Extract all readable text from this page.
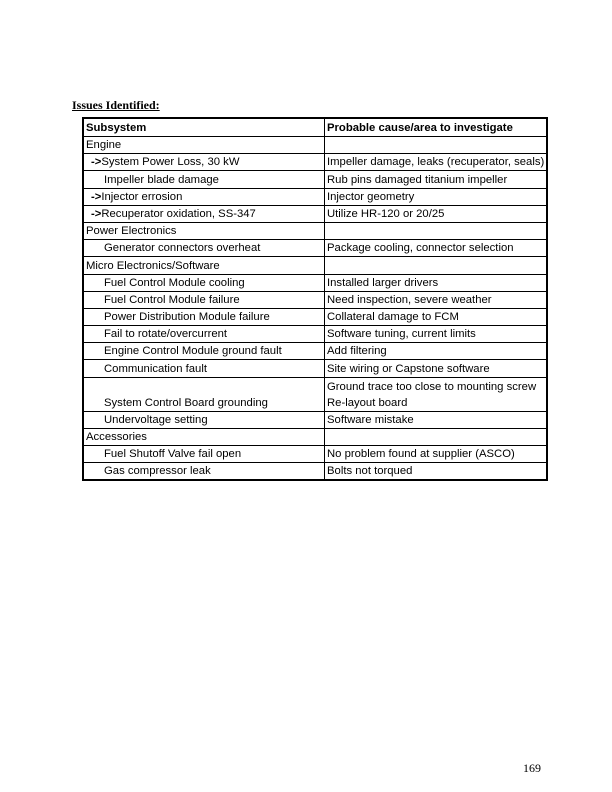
Issues Identified:
Subsystem	Probable cause/area to investigate
Engine	

->System Power Loss, 30 kW	Impeller damage, leaks (recuperator, seals)

Impeller blade damage	Rub pins damaged titanium impeller

->Injector errosion	Injector geometry

->Recuperator oxidation, SS-347	Utilize HR-120 or 20/25

Power Electronics	

Generator connectors overheat	Package cooling, connector selection

Micro Electronics/Software	

Fuel Control Module cooling	Installed larger drivers

Fuel Control Module failure	Need inspection, severe weather

Power Distribution Module failure	Collateral damage to FCM

Fail to rotate/overcurrent	Software tuning, current limits

Engine Control Module ground fault	Add filtering

Communication fault	Site wiring or Capstone software

System Control Board grounding	Ground trace too close to mounting screw
Re-layout board

Undervoltage setting	Software mistake

Accessories	

Fuel Shutoff Valve fail open	No problem found at supplier (ASCO)

Gas compressor leak	Bolts not torqued
169
